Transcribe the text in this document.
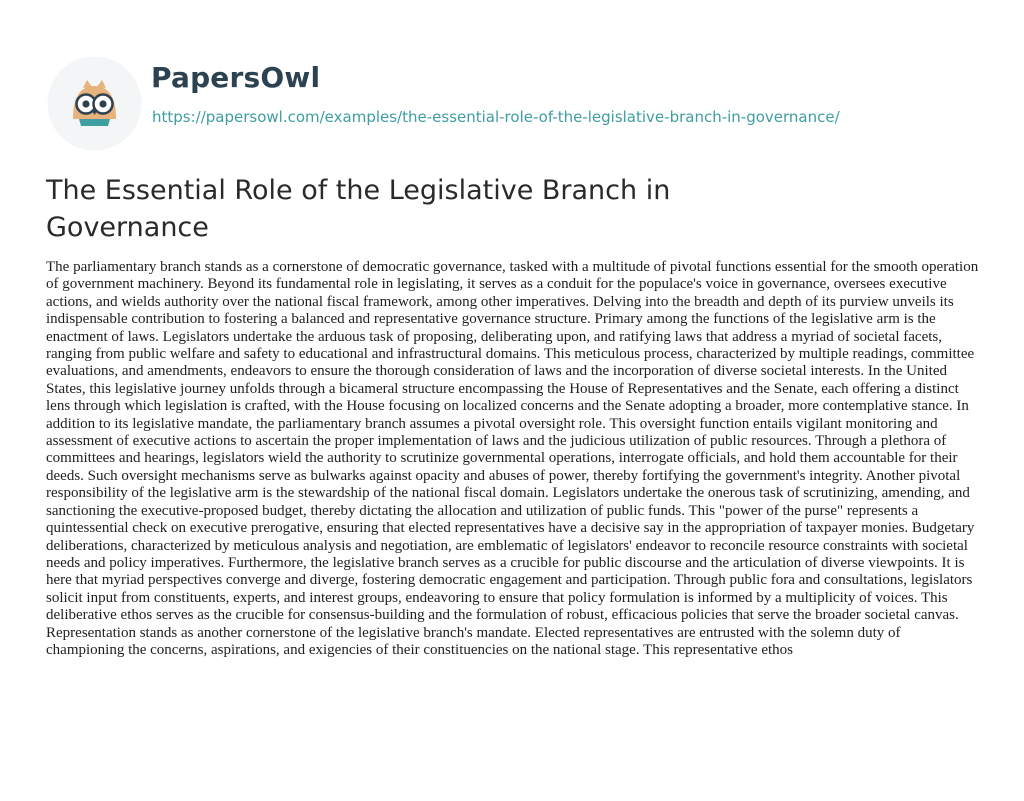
PapersOwl
https://papersowl.com/examples/the-essential-role-of-the-legislative-branch-in-governance/
The Essential Role of the Legislative Branch in Governance

The parliamentary branch stands as a cornerstone of democratic governance, tasked with a multitude of pivotal functions essential for the smooth operation of government machinery. Beyond its fundamental role in legislating, it serves as a conduit for the populace's voice in governance, oversees executive actions, and wields authority over the national fiscal framework, among other imperatives. Delving into the breadth and depth of its purview unveils its indispensable contribution to fostering a balanced and representative governance structure. Primary among the functions of the legislative arm is the enactment of laws. Legislators undertake the arduous task of proposing, deliberating upon, and ratifying laws that address a myriad of societal facets, ranging from public welfare and safety to educational and infrastructural domains. This meticulous process, characterized by multiple readings, committee evaluations, and amendments, endeavors to ensure the thorough consideration of laws and the incorporation of diverse societal interests. In the United States, this legislative journey unfolds through a bicameral structure encompassing the House of Representatives and the Senate, each offering a distinct lens through which legislation is crafted, with the House focusing on localized concerns and the Senate adopting a broader, more contemplative stance. In addition to its legislative mandate, the parliamentary branch assumes a pivotal oversight role. This oversight function entails vigilant monitoring and assessment of executive actions to ascertain the proper implementation of laws and the judicious utilization of public resources. Through a plethora of committees and hearings, legislators wield the authority to scrutinize governmental operations, interrogate officials, and hold them accountable for their deeds. Such oversight mechanisms serve as bulwarks against opacity and abuses of power, thereby fortifying the government's integrity. Another pivotal responsibility of the legislative arm is the stewardship of the national fiscal domain. Legislators undertake the onerous task of scrutinizing, amending, and sanctioning the executive-proposed budget, thereby dictating the allocation and utilization of public funds. This "power of the purse" represents a quintessential check on executive prerogative, ensuring that elected representatives have a decisive say in the appropriation of taxpayer monies. Budgetary deliberations, characterized by meticulous analysis and negotiation, are emblematic of legislators' endeavor to reconcile resource constraints with societal needs and policy imperatives. Furthermore, the legislative branch serves as a crucible for public discourse and the articulation of diverse viewpoints. It is here that myriad perspectives converge and diverge, fostering democratic engagement and participation. Through public fora and consultations, legislators solicit input from constituents, experts, and interest groups, endeavoring to ensure that policy formulation is informed by a multiplicity of voices. This deliberative ethos serves as the crucible for consensus-building and the formulation of robust, efficacious policies that serve the broader societal canvas. Representation stands as another cornerstone of the legislative branch's mandate. Elected representatives are entrusted with the solemn duty of championing the concerns, aspirations, and exigencies of their constituencies on the national stage. This representative ethos
